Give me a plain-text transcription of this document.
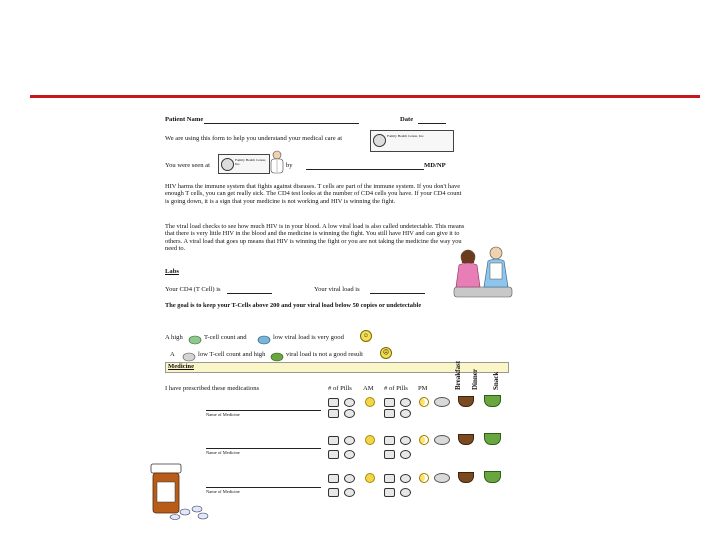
Patient Name	Date
We are using this form to help you understand your medical care at	Family Health Center, Inc.
You were seen at
Family Health Center, Inc.	by	MD/NP
HIV harms the immune system that fights against diseases. T cells are part of the immune system. If you don't have enough T cells, you can get really sick. The CD4 test looks at the number of CD4 cells you have. If your CD4 count is going down, it is a sign that your medicine is not working and HIV is winning the fight.
The viral load checks to see how much HIV is in your blood. A low viral load is also called undetectable. This means that there is very little HIV in the blood and the medicine is winning the fight. You still have HIV and can give it to others. A viral load that goes up means that HIV is winning the fight or you are not taking the medicine the way you need to.
Labs
Your CD4 (T Cell) is	Your viral load is
The goal is to keep your T-Cells above 200 and your viral load below 50 copies or undetectable
A high	T-cell count and	low viral load is very good	☺
A	low T-cell count and high	viral load is not a good result	☹
Medicine	Breakfast Dinner Snack
I have prescribed these medications	# of Pills AM # of Pills PM
Name of Medicine
Name of Medicine
Name of Medicine
